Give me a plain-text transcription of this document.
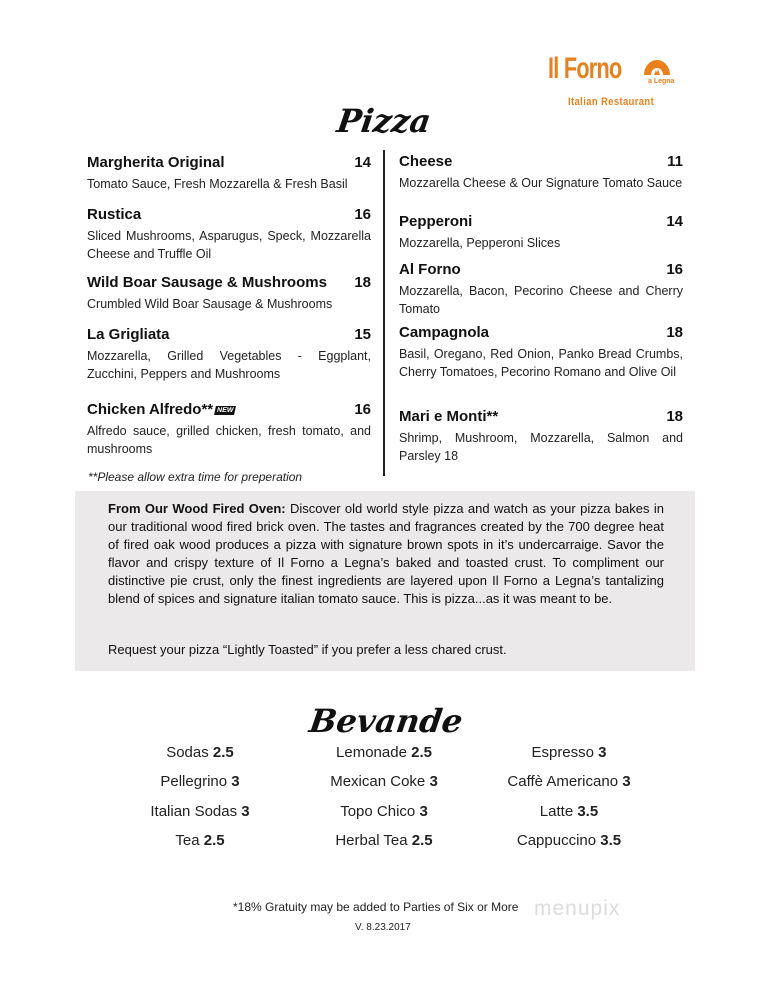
Il Forno	a Legna
Italian Restaurant
Pizza
Margherita Original	14
Tomato Sauce, Fresh Mozzarella & Fresh Basil
Rustica	16
Sliced Mushrooms, Asparugus, Speck, Mozzarella Cheese and Truffle Oil
Wild Boar Sausage & Mushrooms 18
Crumbled Wild Boar Sausage & Mushrooms
La Grigliata	15
Mozzarella, Grilled Vegetables - Eggplant, Zucchini, Peppers and Mushrooms
Chicken Alfredo** NEW	16
Alfredo sauce, grilled chicken, fresh tomato, and mushrooms
Cheese	11
Mozzarella Cheese & Our Signature Tomato Sauce
Pepperoni	14
Mozzarella, Pepperoni Slices
Al Forno	16
Mozzarella, Bacon, Pecorino Cheese and Cherry Tomato
Campagnola	18
Basil, Oregano, Red Onion, Panko Bread Crumbs, Cherry Tomatoes, Pecorino Romano and Olive Oil
Mari e Monti**	18
Shrimp, Mushroom, Mozzarella, Salmon and Parsley 18
**Please allow extra time for preperation
From Our Wood Fired Oven: Discover old world style pizza and watch as your pizza bakes in our traditional wood fired brick oven. The tastes and fragrances created by the 700 degree heat of fired oak wood produces a pizza with signature brown spots in it’s undercarraige. Savor the flavor and crispy texture of Il Forno a Legna’s baked and toasted crust. To compliment our distinctive pie crust, only the finest ingredients are layered upon Il Forno a Legna’s tantalizing blend of spices and signature italian tomato sauce. This is pizza...as it was meant to be.
Request your pizza “Lightly Toasted” if you prefer a less chared crust.
Bevande
Sodas 2.5
Pellegrino 3
Italian Sodas 3
Tea 2.5
Lemonade 2.5
Mexican Coke 3
Topo Chico 3
Herbal Tea 2.5
Espresso 3
Caffè Americano 3
Latte 3.5
Cappuccino 3.5
*18% Gratuity may be added to Parties of Six or More
V. 8.23.2017
menupix
